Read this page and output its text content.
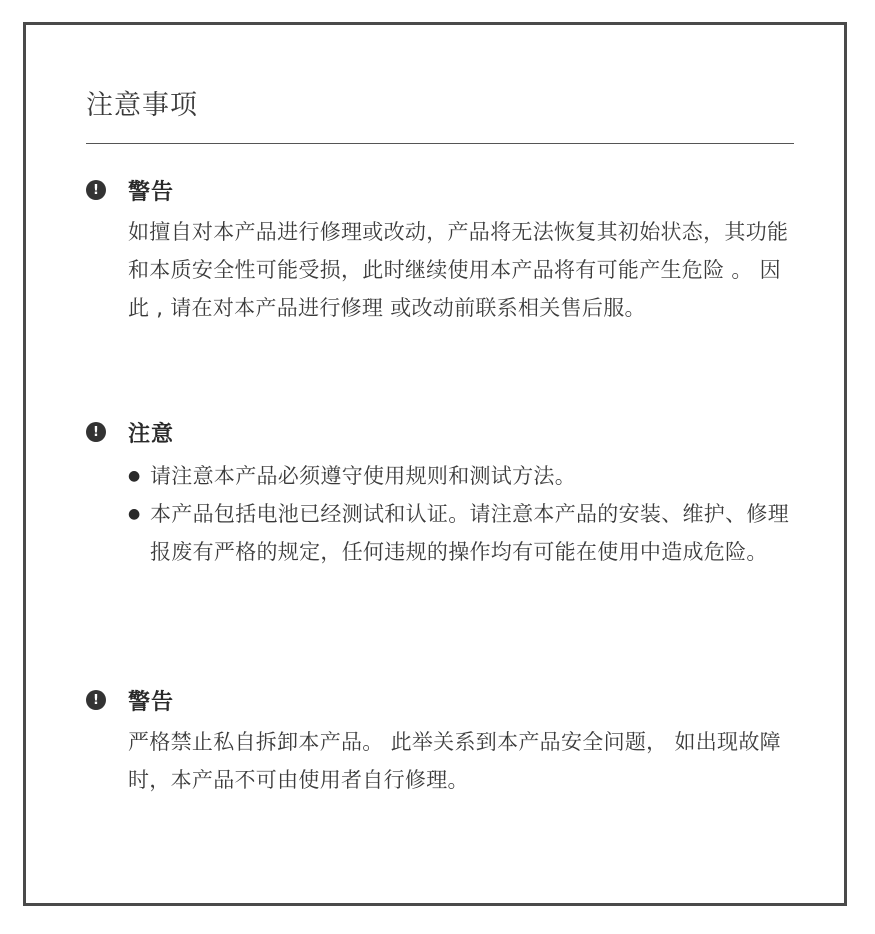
注意事项
!	警告

如擅自对本产品进行修理或改动，产品将无法恢复其初始状态，其功能和本质安全性可能受损，此时继续使用本产品将有可能产生危险 。 因此 , 请在对本产品进行修理 或改动前联系相关售后服。

!	注意
● 请注意本产品必须遵守使用规则和测试方法。
● 本产品包括电池已经测试和认证。请注意本产品的安装、维护、修理报废有严格的规定，任何违规的操作均有可能在使用中造成危险。
!	警告

严格禁止私自拆卸本产品。 此举关系到本产品安全问题， 如出现故障时，本产品不可由使用者自行修理。
